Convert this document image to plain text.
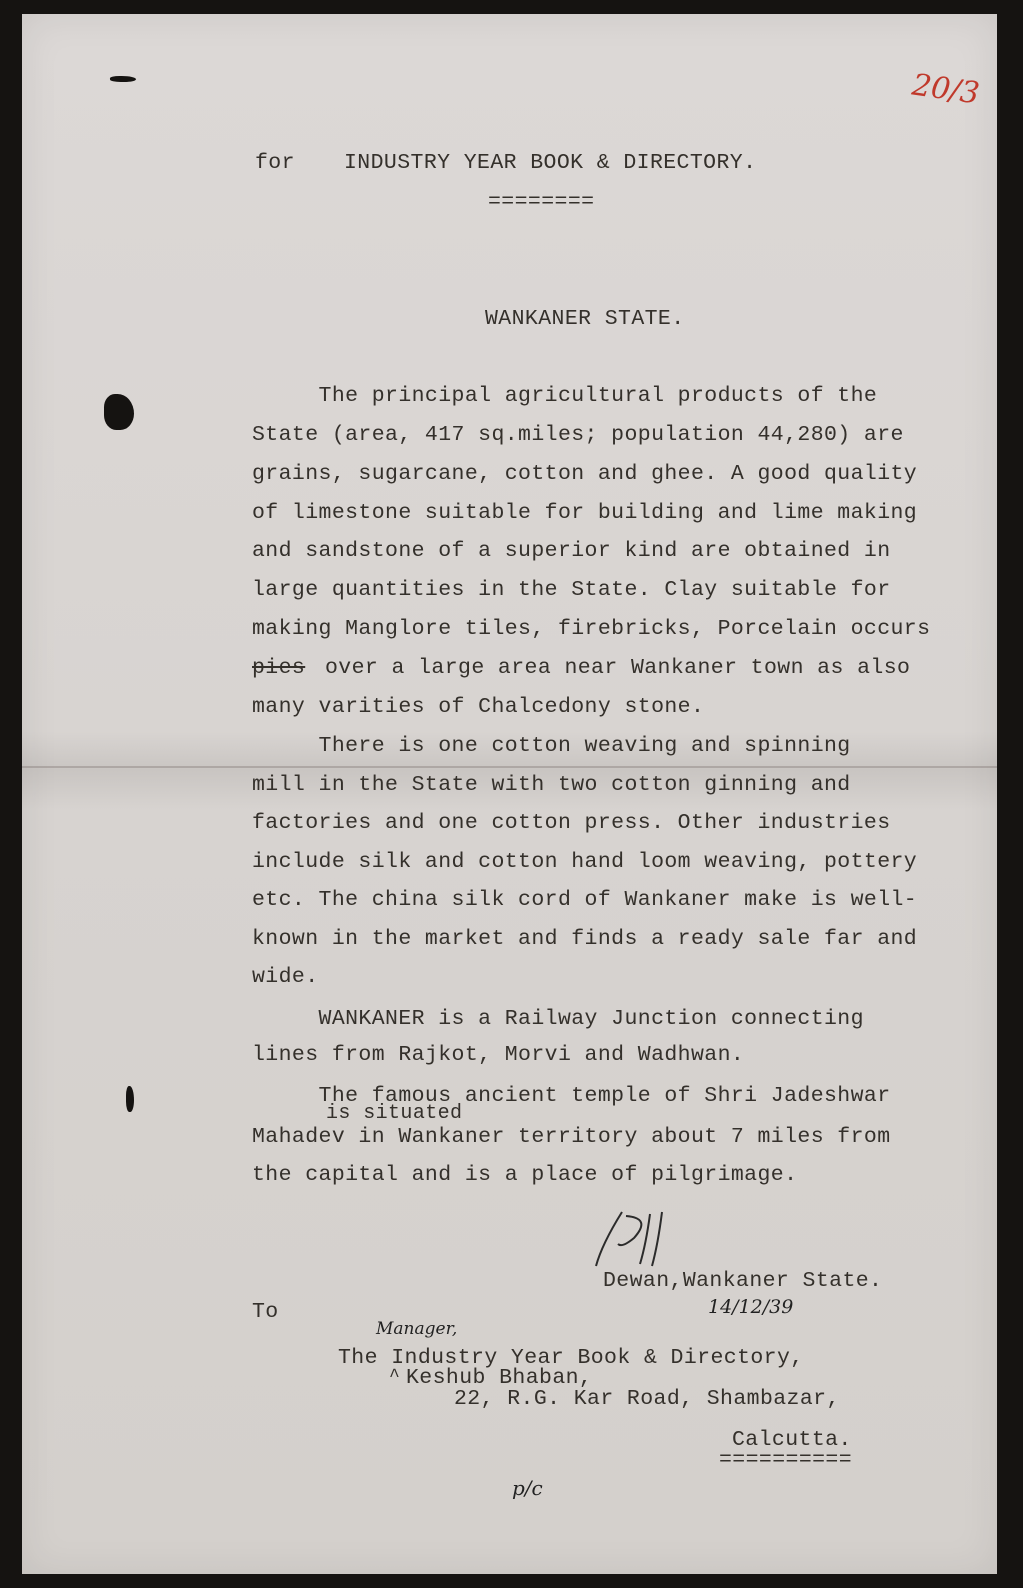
20/3
for INDUSTRY YEAR BOOK & DIRECTORY.
========
WANKANER STATE.
The principal agricultural products of the
State (area, 417 sq.miles; population 44,280) are
grains, sugarcane, cotton and ghee. A good quality
of limestone suitable for building and lime making
and sandstone of a superior kind are obtained in
large quantities in the State. Clay suitable for
making Manglore tiles, firebricks, Porcelain occurs
pies over a large area near Wankaner town as also
many varities of Chalcedony stone.
There is one cotton weaving and spinning
mill in the State with two cotton ginning and
factories and one cotton press. Other industries
include silk and cotton hand loom weaving, pottery
etc. The china silk cord of Wankaner make is well-
known in the market and finds a ready sale far and
wide.
WANKANER is a Railway Junction connecting
lines from Rajkot, Morvi and Wadhwan.
The famous ancient temple of Shri Jadeshwar
is situated
Mahadev in Wankaner territory about 7 miles from
the capital and is a place of pilgrimage.
Dewan,Wankaner State.
14/12/39
To
Manager,
The Industry Year Book & Directory,
^ Keshub Bhaban,
22, R.G. Kar Road, Shambazar,
Calcutta.
==========
p/c
